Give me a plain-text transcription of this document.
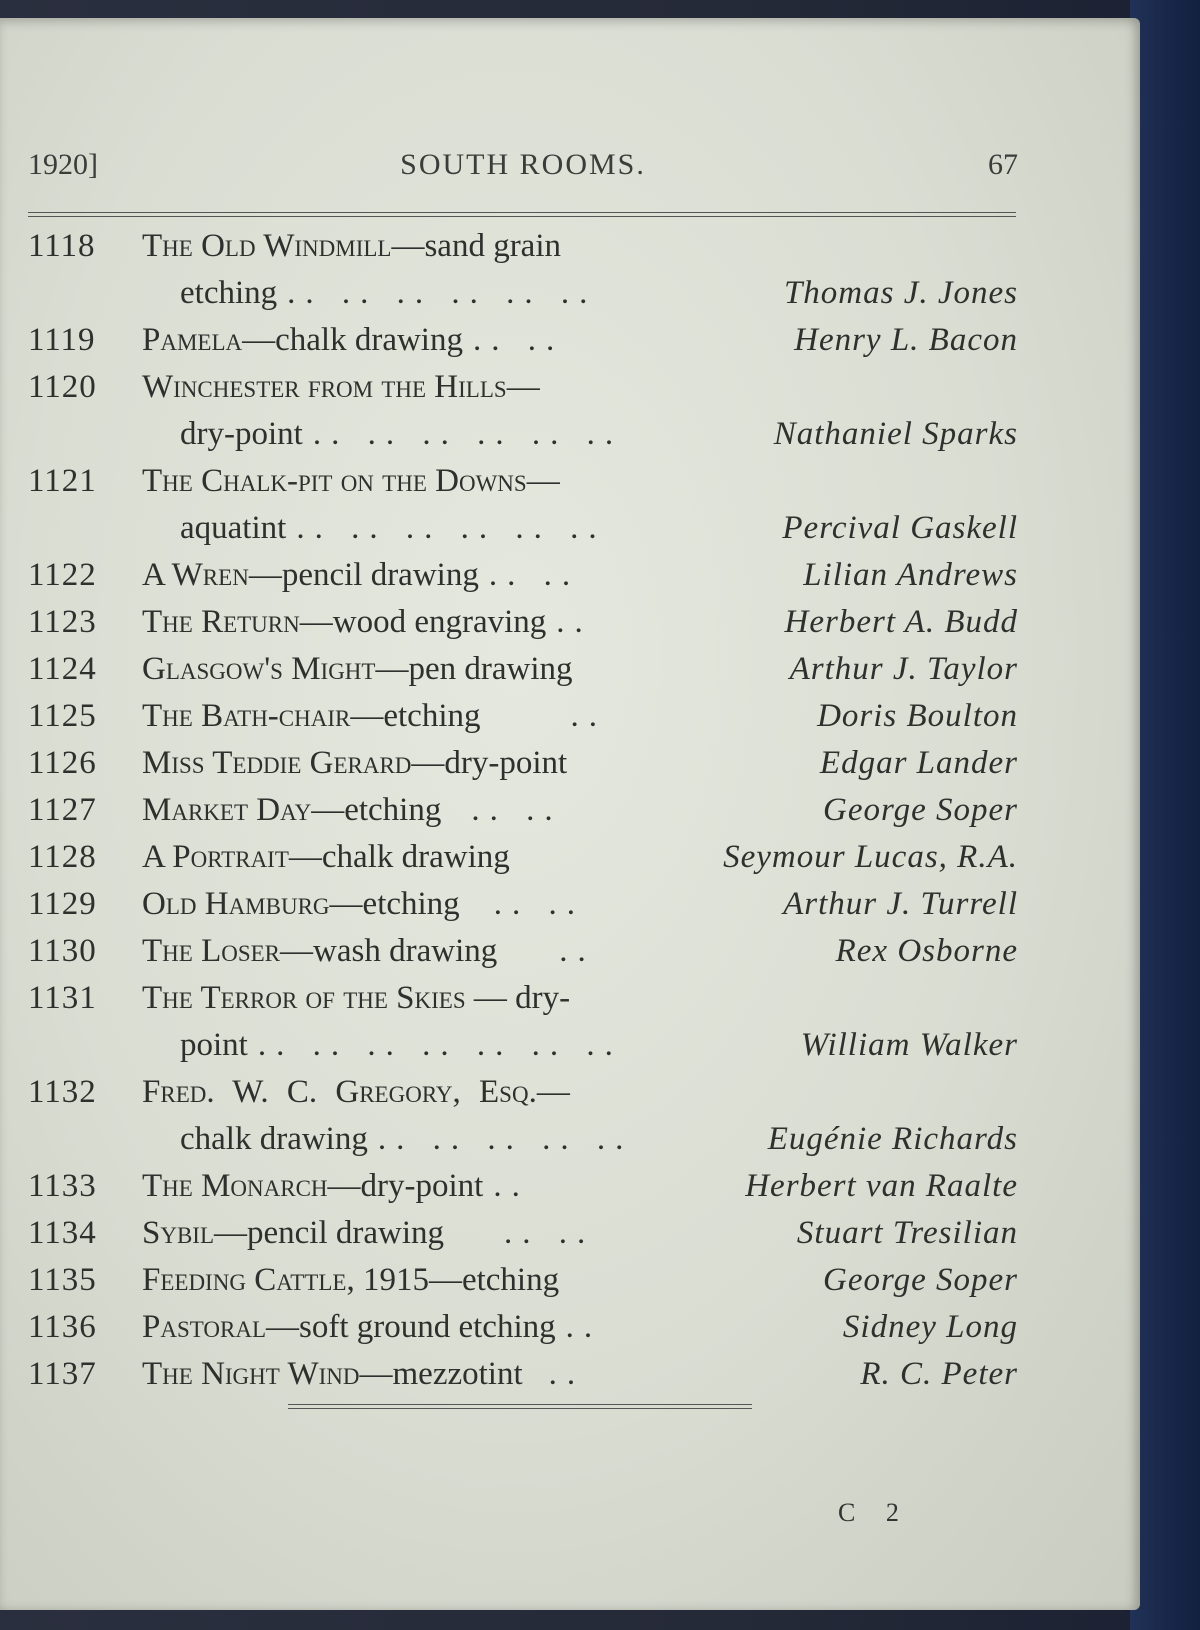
1920]	SOUTH ROOMS.	67
1118 The Old Windmill—sand grain
etching .. .. .. .. .. ..	Thomas J. Jones
1119 Pamela—chalk drawing .. ..	Henry L. Bacon
1120 Winchester from the Hills—
dry-point .. .. .. .. .. ..	Nathaniel Sparks
1121 The Chalk-pit on the Downs—
aquatint .. .. .. .. .. ..	Percival Gaskell
1122 A Wren—pencil drawing .. ..	Lilian Andrews
1123 The Return—wood engraving ..	Herbert A. Budd
1124 Glasgow's Might—pen drawing	Arthur J. Taylor
1125 The Bath-chair—etching	..	Doris Boulton
1126 Miss Teddie Gerard—dry-point	Edgar Lander
1127 Market Day—etching .. ..	George Soper
1128 A Portrait—chalk drawing	Seymour Lucas, R.A.
1129 Old Hamburg—etching .. ..	Arthur J. Turrell
1130 The Loser—wash drawing ..	Rex Osborne
1131 The Terror of the Skies — dry-
point .. .. .. .. .. .. ..	William Walker
1132 Fred. W. C. Gregory, Esq.—
chalk drawing .. .. .. .. ..	Eugénie Richards
1133 The Monarch—dry-point ..	Herbert van Raalte
1134 Sybil—pencil drawing .. ..	Stuart Tresilian
1135 Feeding Cattle, 1915—etching	George Soper
1136 Pastoral—soft ground etching ..	Sidney Long
1137 The Night Wind—mezzotint ..	R. C. Peter
C 2
